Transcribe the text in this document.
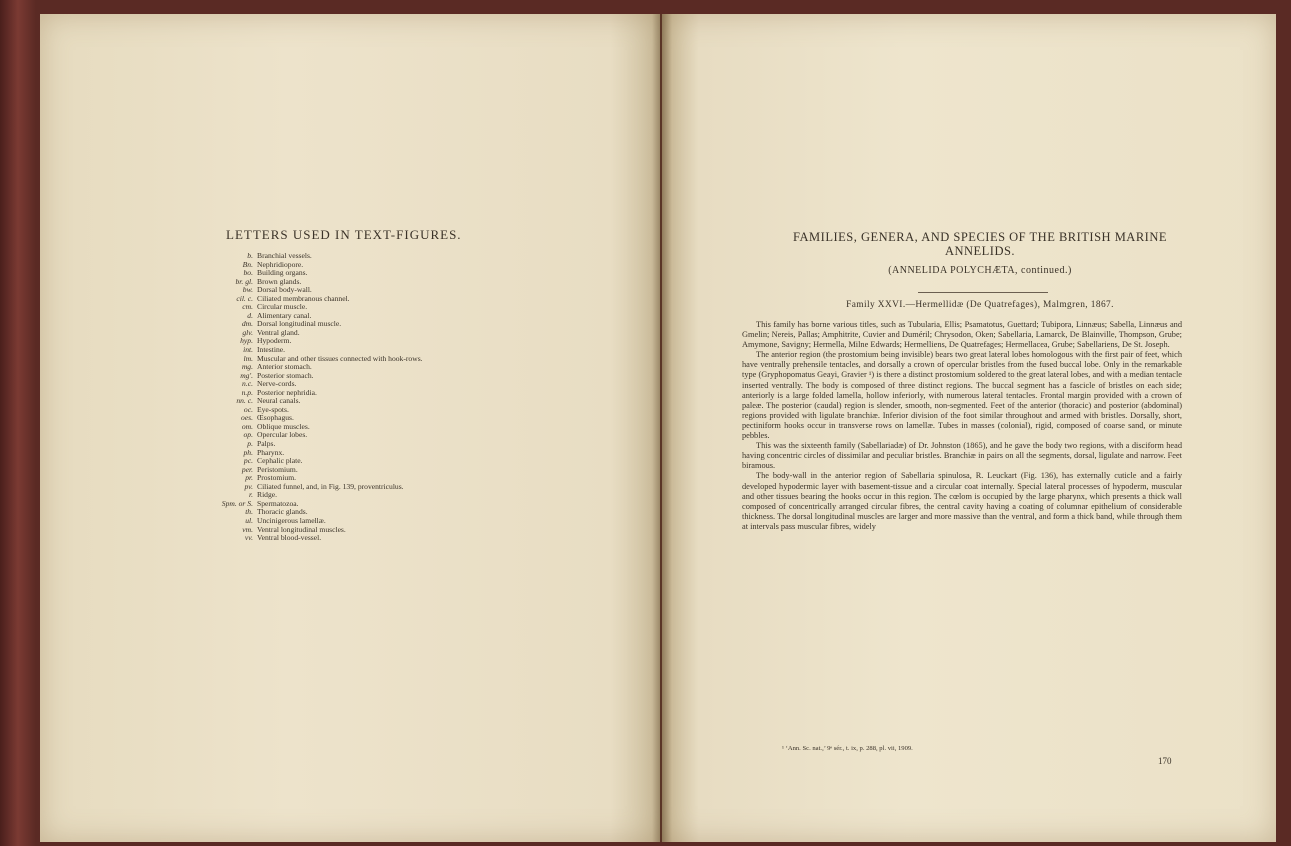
LETTERS USED IN TEXT-FIGURES.
b. Branchial vessels.
Bn. Nephridiopore.
bo. Building organs.
br. gl. Brown glands.
bw. Dorsal body-wall.
cil. c. Ciliated membranous channel.
cm. Circular muscle.
d. Alimentary canal.
dm. Dorsal longitudinal muscle.
glv. Ventral gland.
hyp. Hypoderm.
int. Intestine.
lm. Muscular and other tissues connected with hook-rows.
mg. Anterior stomach.
mg'. Posterior stomach.
n.c. Nerve-cords.
n.p. Posterior nephridia.
nn. c. Neural canals.
oc. Eye-spots.
oes. Œsophagus.
om. Oblique muscles.
op. Opercular lobes.
p. Palps.
ph. Pharynx.
pc. Cephalic plate.
per. Peristomium.
pr. Prostomium.
pv. Ciliated funnel, and, in Fig. 139, proventriculus.
r. Ridge.
Spm. or S. Spermatozoa.
th. Thoracic glands.
ul. Uncinigerous lamellæ.
vm. Ventral longitudinal muscles.
vv. Ventral blood-vessel.
FAMILIES, GENERA, AND SPECIES OF THE BRITISH MARINE ANNELIDS.
(ANNELIDA POLYCHÆTA, continued.)
Family XXVI.—Hermellidæ (De Quatrefages), Malmgren, 1867.

This family has borne various titles, such as Tubularia, Ellis; Psamatotus, Guettard; Tubipora, Linnæus; Sabella, Linnæus and Gmelin; Nereis, Pallas; Amphitrite, Cuvier and Duméril; Chrysodon, Oken; Sabellaria, Lamarck, De Blainville, Thompson, Grube; Amymone, Savigny; Hermella, Milne Edwards; Hermelliens, De Quatrefages; Hermellacea, Grube; Sabellariens, De St. Joseph.

The anterior region (the prostomium being invisible) bears two great lateral lobes homologous with the first pair of feet, which have ventrally prehensile tentacles, and dorsally a crown of opercular bristles from the fused buccal lobe. Only in the remarkable type (Gryphopomatus Geayi, Gravier ¹) is there a distinct prostomium soldered to the great lateral lobes, and with a median tentacle inserted ventrally. The body is composed of three distinct regions. The buccal segment has a fascicle of bristles on each side; anteriorly is a large folded lamella, hollow inferiorly, with numerous lateral tentacles. Frontal margin provided with a crown of paleæ. The posterior (caudal) region is slender, smooth, non-segmented. Feet of the anterior (thoracic) and posterior (abdominal) regions provided with ligulate branchiæ. Inferior division of the foot similar throughout and armed with bristles. Dorsally, short, pectiniform hooks occur in transverse rows on lamellæ. Tubes in masses (colonial), rigid, composed of coarse sand, or minute pebbles.

This was the sixteenth family (Sabellariadæ) of Dr. Johnston (1865), and he gave the body two regions, with a disciform head having concentric circles of dissimilar and peculiar bristles. Branchiæ in pairs on all the segments, dorsal, ligulate and narrow. Feet biramous.

The body-wall in the anterior region of Sabellaria spinulosa, R. Leuckart (Fig. 136), has externally cuticle and a fairly developed hypodermic layer with basement-tissue and a circular coat internally. Special lateral processes of hypoderm, muscular and other tissues bearing the hooks occur in this region. The cœlom is occupied by the large pharynx, which presents a thick wall composed of concentrically arranged circular fibres, the central cavity having a coating of columnar epithelium of considerable thickness. The dorsal longitudinal muscles are larger and more massive than the ventral, and form a thick band, while through them at intervals pass muscular fibres, widely

¹ ‘Ann. Sc. nat.,’ 9ᵉ sér., t. ix, p. 288, pl. vii, 1909.
170
